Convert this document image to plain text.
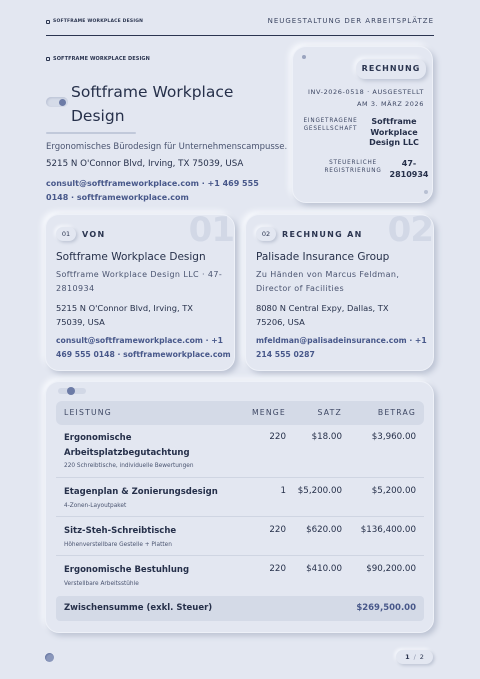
SOFTFRAME WORKPLACE DESIGN	NEUGESTALTUNG DER ARBEITSPLÄTZE
SOFTFRAME WORKPLACE DESIGN
Softframe Workplace Design
Ergonomisches Bürodesign für Unternehmenscampusse.
5215 N O'Connor Blvd, Irving, TX 75039, USA
consult@softframeworkplace.com · +1 469 555 0148 · softframeworkplace.com
RECHNUNG
INV-2026-0518 · AUSGESTELLT AM 3. MÄRZ 2026
EINGETRAGENE GESELLSCHAFT
Softframe Workplace Design LLC
STEUERLICHE REGISTRIERUNG
47-2810934
01
01	VON
Softframe Workplace Design
Softframe Workplace Design LLC · 47-2810934
5215 N O'Connor Blvd, Irving, TX 75039, USA
consult@softframeworkplace.com · +1 469 555 0148 · softframeworkplace.com
02
02	RECHNUNG AN
Palisade Insurance Group
Zu Händen von Marcus Feldman, Director of Facilities
8080 N Central Expy, Dallas, TX 75206, USA
mfeldman@palisadeinsurance.com · +1 214 555 0287
LEISTUNG	MENGE	SATZ	BETRAG
Ergonomische Arbeitsplatzbegutachtung
220 Schreibtische, individuelle Bewertungen
220	$18.00	$3,960.00
Etagenplan & Zonierungsdesign
4-Zonen-Layoutpaket
1 $5,200.00	$5,200.00
Sitz-Steh-Schreibtische
Höhenverstellbare Gestelle + Platten
220 $620.00 $136,400.00
Ergonomische Bestuhlung
Verstellbare Arbeitsstühle
220 $410.00	$90,200.00
Zwischensumme (exkl. Steuer)	$269,500.00
1 / 2
